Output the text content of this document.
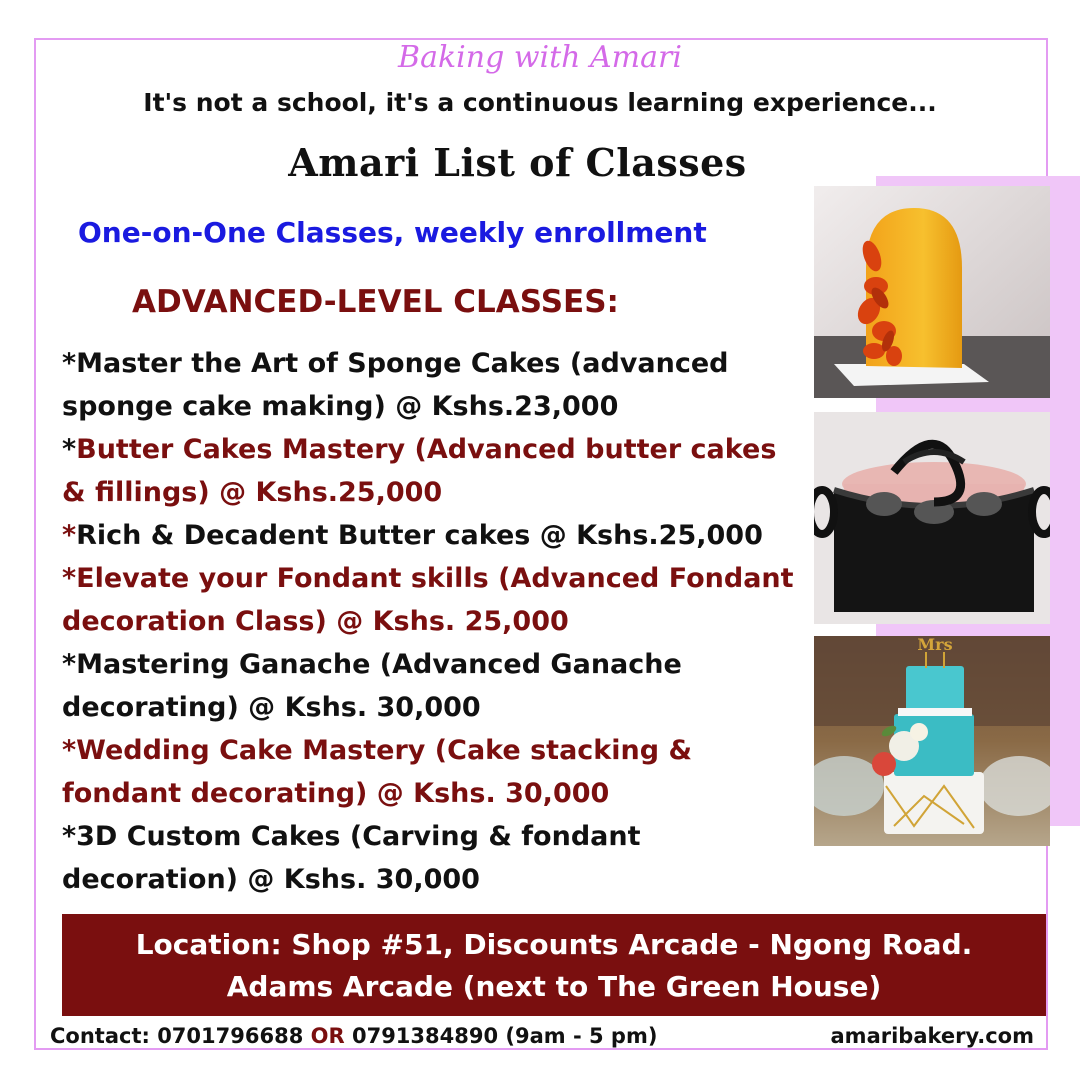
Baking with Amari
It's not a school, it's a continuous learning experience...
Amari List of Classes
One-on-One Classes, weekly enrollment
ADVANCED-LEVEL CLASSES:
*Master the Art of Sponge Cakes (advanced sponge cake making) @ Kshs.23,000
*Butter Cakes Mastery (Advanced butter cakes & fillings) @ Kshs.25,000
*Rich & Decadent Butter cakes @ Kshs.25,000
*Elevate your Fondant skills (Advanced Fondant decoration Class) @ Kshs. 25,000
*Mastering Ganache (Advanced Ganache decorating) @ Kshs. 30,000
*Wedding Cake Mastery (Cake stacking & fondant decorating) @ Kshs. 30,000
*3D Custom Cakes (Carving & fondant decoration) @ Kshs. 30,000
Mrs
Location: Shop #51, Discounts Arcade - Ngong Road.
Adams Arcade (next to The Green House)
Contact: 0701796688 OR 0791384890 (9am - 5 pm)	amaribakery.com
